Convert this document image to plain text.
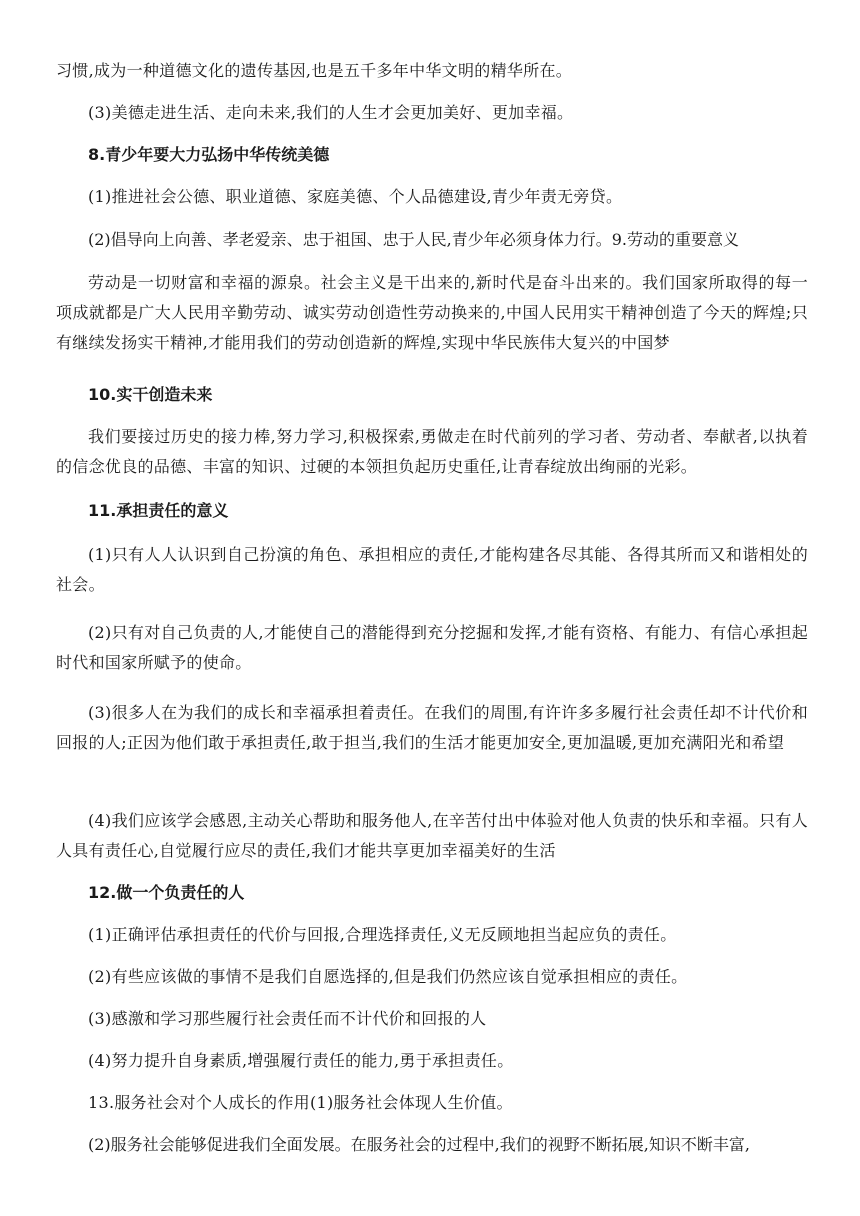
习惯,成为一种道德文化的遗传基因,也是五千多年中华文明的精华所在。

(3)美德走进生活、走向未来,我们的人生才会更加美好、更加幸福。

8.青少年要大力弘扬中华传统美德

(1)推进社会公德、职业道德、家庭美德、个人品德建设,青少年责无旁贷。

(2)倡导向上向善、孝老爱亲、忠于祖国、忠于人民,青少年必须身体力行。9.劳动的重要意义

劳动是一切财富和幸福的源泉。社会主义是干出来的,新时代是奋斗出来的。我们国家所取得的每一项成就都是广大人民用辛勤劳动、诚实劳动创造性劳动换来的,中国人民用实干精神创造了今天的辉煌;只有继续发扬实干精神,才能用我们的劳动创造新的辉煌,实现中华民族伟大复兴的中国梦

10.实干创造未来

我们要接过历史的接力棒,努力学习,积极探索,勇做走在时代前列的学习者、劳动者、奉献者,以执着的信念优良的品德、丰富的知识、过硬的本领担负起历史重任,让青春绽放出绚丽的光彩。

11.承担责任的意义

(1)只有人人认识到自己扮演的角色、承担相应的责任,才能构建各尽其能、各得其所而又和谐相处的社会。

(2)只有对自己负责的人,才能使自己的潜能得到充分挖掘和发挥,才能有资格、有能力、有信心承担起时代和国家所赋予的使命。

(3)很多人在为我们的成长和幸福承担着责任。在我们的周围,有许许多多履行社会责任却不计代价和回报的人;正因为他们敢于承担责任,敢于担当,我们的生活才能更加安全,更加温暖,更加充满阳光和希望

(4)我们应该学会感恩,主动关心帮助和服务他人,在辛苦付出中体验对他人负责的快乐和幸福。只有人人具有责任心,自觉履行应尽的责任,我们才能共享更加幸福美好的生活

12.做一个负责任的人

(1)正确评估承担责任的代价与回报,合理选择责任,义无反顾地担当起应负的责任。

(2)有些应该做的事情不是我们自愿选择的,但是我们仍然应该自觉承担相应的责任。

(3)感激和学习那些履行社会责任而不计代价和回报的人

(4)努力提升自身素质,增强履行责任的能力,勇于承担责任。

13.服务社会对个人成长的作用(1)服务社会体现人生价值。

(2)服务社会能够促进我们全面发展。在服务社会的过程中,我们的视野不断拓展,知识不断丰富,
